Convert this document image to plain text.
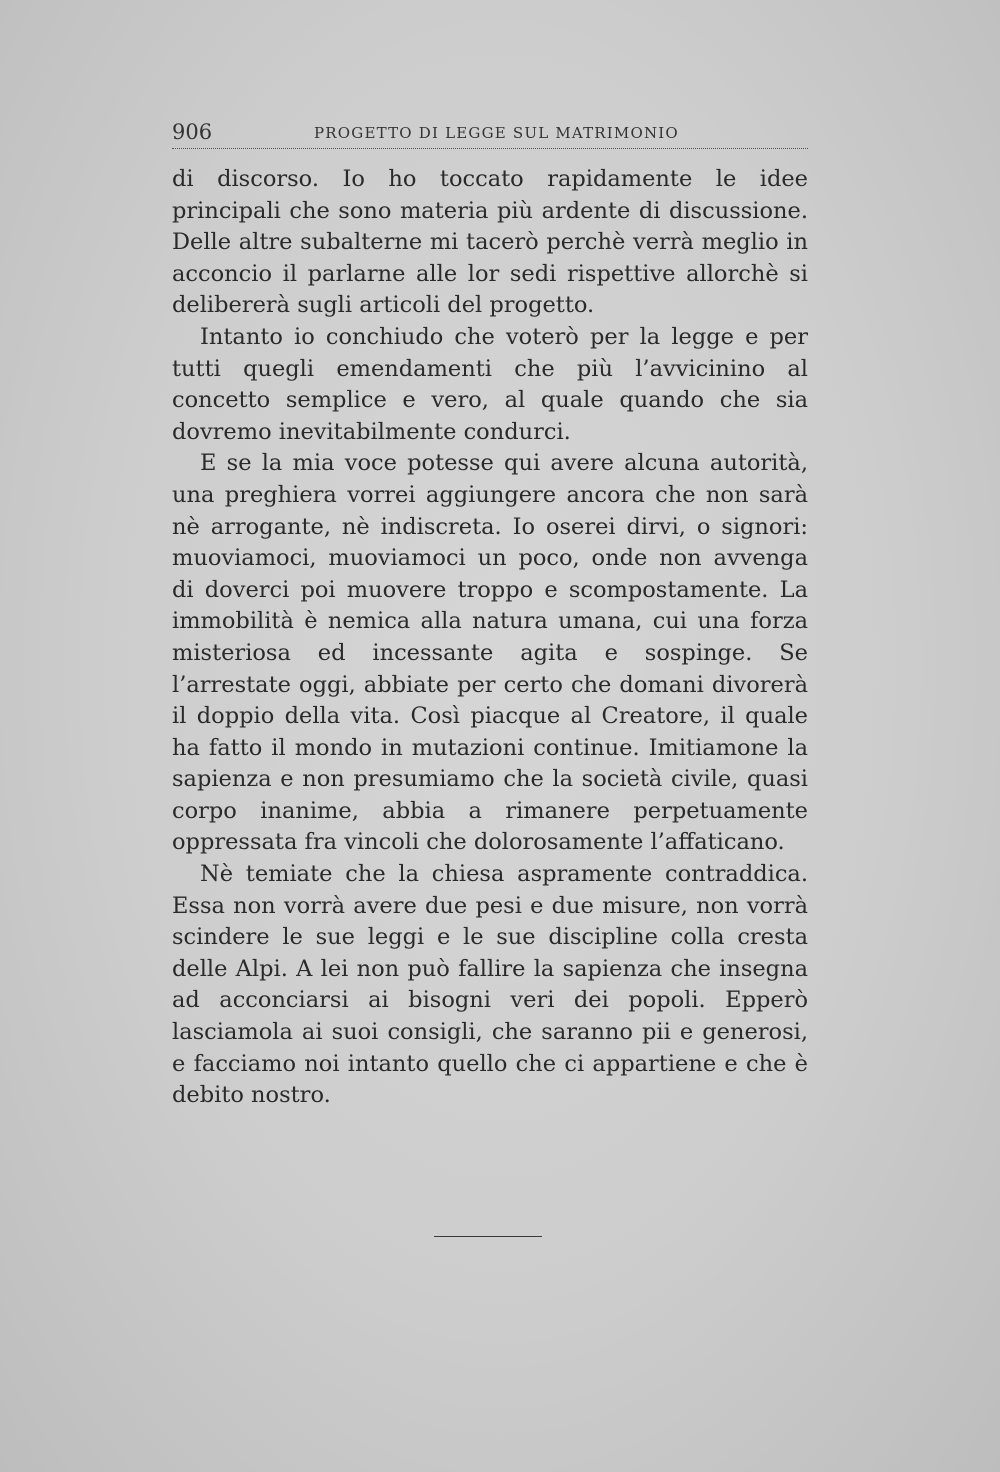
906	PROGETTO DI LEGGE SUL MATRIMONIO

di discorso. Io ho toccato rapidamente le idee principali che sono materia più ardente di discussione. Delle altre subalterne mi tacerò perchè verrà meglio in acconcio il parlarne alle lor sedi rispettive allorchè si delibererà sugli articoli del progetto.

Intanto io conchiudo che voterò per la legge e per tutti quegli emendamenti che più l’avvicinino al concetto semplice e vero, al quale quando che sia dovremo inevitabilmente condurci.

E se la mia voce potesse qui avere alcuna autorità, una preghiera vorrei aggiungere ancora che non sarà nè arrogante, nè indiscreta. Io oserei dirvi, o signori: muoviamoci, muoviamoci un poco, onde non avvenga di doverci poi muovere troppo e scompostamente. La immobilità è nemica alla natura umana, cui una forza misteriosa ed incessante agita e sospinge. Se l’arrestate oggi, abbiate per certo che domani divorerà il doppio della vita. Così piacque al Creatore, il quale ha fatto il mondo in mutazioni continue. Imitiamone la sapienza e non presumiamo che la società civile, quasi corpo inanime, abbia a rimanere perpetuamente oppressata fra vincoli che dolorosamente l’affaticano.

Nè temiate che la chiesa aspramente contraddica. Essa non vorrà avere due pesi e due misure, non vorrà scindere le sue leggi e le sue discipline colla cresta delle Alpi. A lei non può fallire la sapienza che insegna ad acconciarsi ai bisogni veri dei popoli. Epperò lasciamola ai suoi consigli, che saranno pii e generosi, e facciamo noi intanto quello che ci appartiene e che è debito nostro.
